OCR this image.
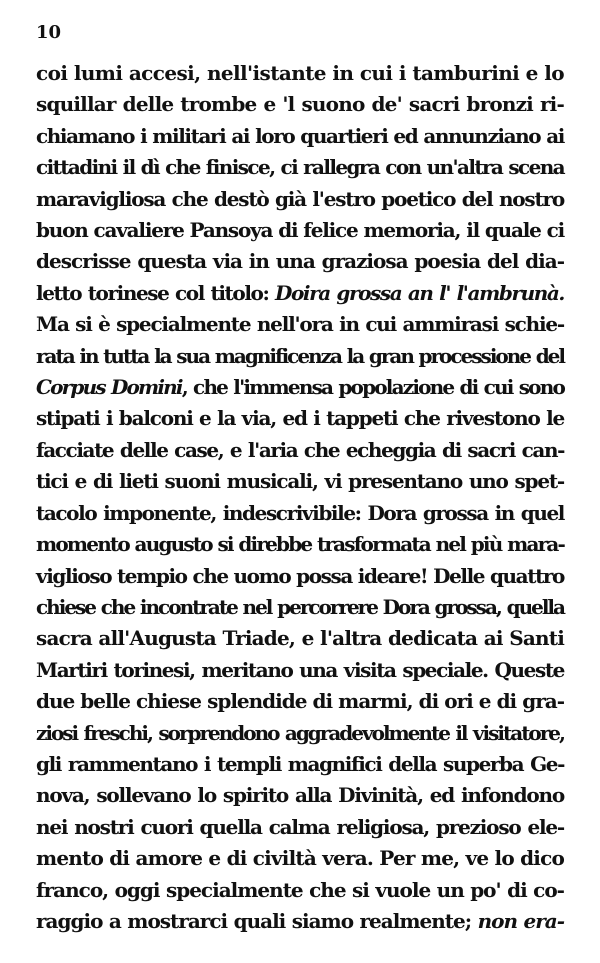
10
coi lumi accesi, nell'istante in cui i tamburini e lo
squillar delle trombe e 'l suono de' sacri bronzi ri-
chiamano i militari ai loro quartieri ed annunziano ai
cittadini il dì che finisce, ci rallegra con un'altra scena
maravigliosa che destò già l'estro poetico del nostro
buon cavaliere Pansoya di felice memoria, il quale ci
descrisse questa via in una graziosa poesia del dia-
letto torinese col titolo: Doira grossa an l' l'ambrunà.
Ma si è specialmente nell'ora in cui ammirasi schie-
rata in tutta la sua magnificenza la gran processione del
Corpus Domini, che l'immensa popolazione di cui sono
stipati i balconi e la via, ed i tappeti che rivestono le
facciate delle case, e l'aria che echeggia di sacri can-
tici e di lieti suoni musicali, vi presentano uno spet-
tacolo imponente, indescrivibile: Dora grossa in quel
momento augusto si direbbe trasformata nel più mara-
viglioso tempio che uomo possa ideare! Delle quattro
chiese che incontrate nel percorrere Dora grossa, quella
sacra all'Augusta Triade, e l'altra dedicata ai Santi
Martiri torinesi, meritano una visita speciale. Queste
due belle chiese splendide di marmi, di ori e di gra-
ziosi freschi, sorprendono aggradevolmente il visitatore,
gli rammentano i templi magnifici della superba Ge-
nova, sollevano lo spirito alla Divinità, ed infondono
nei nostri cuori quella calma religiosa, prezioso ele-
mento di amore e di civiltà vera. Per me, ve lo dico
franco, oggi specialmente che si vuole un po' di co-
raggio a mostrarci quali siamo realmente; non era-
